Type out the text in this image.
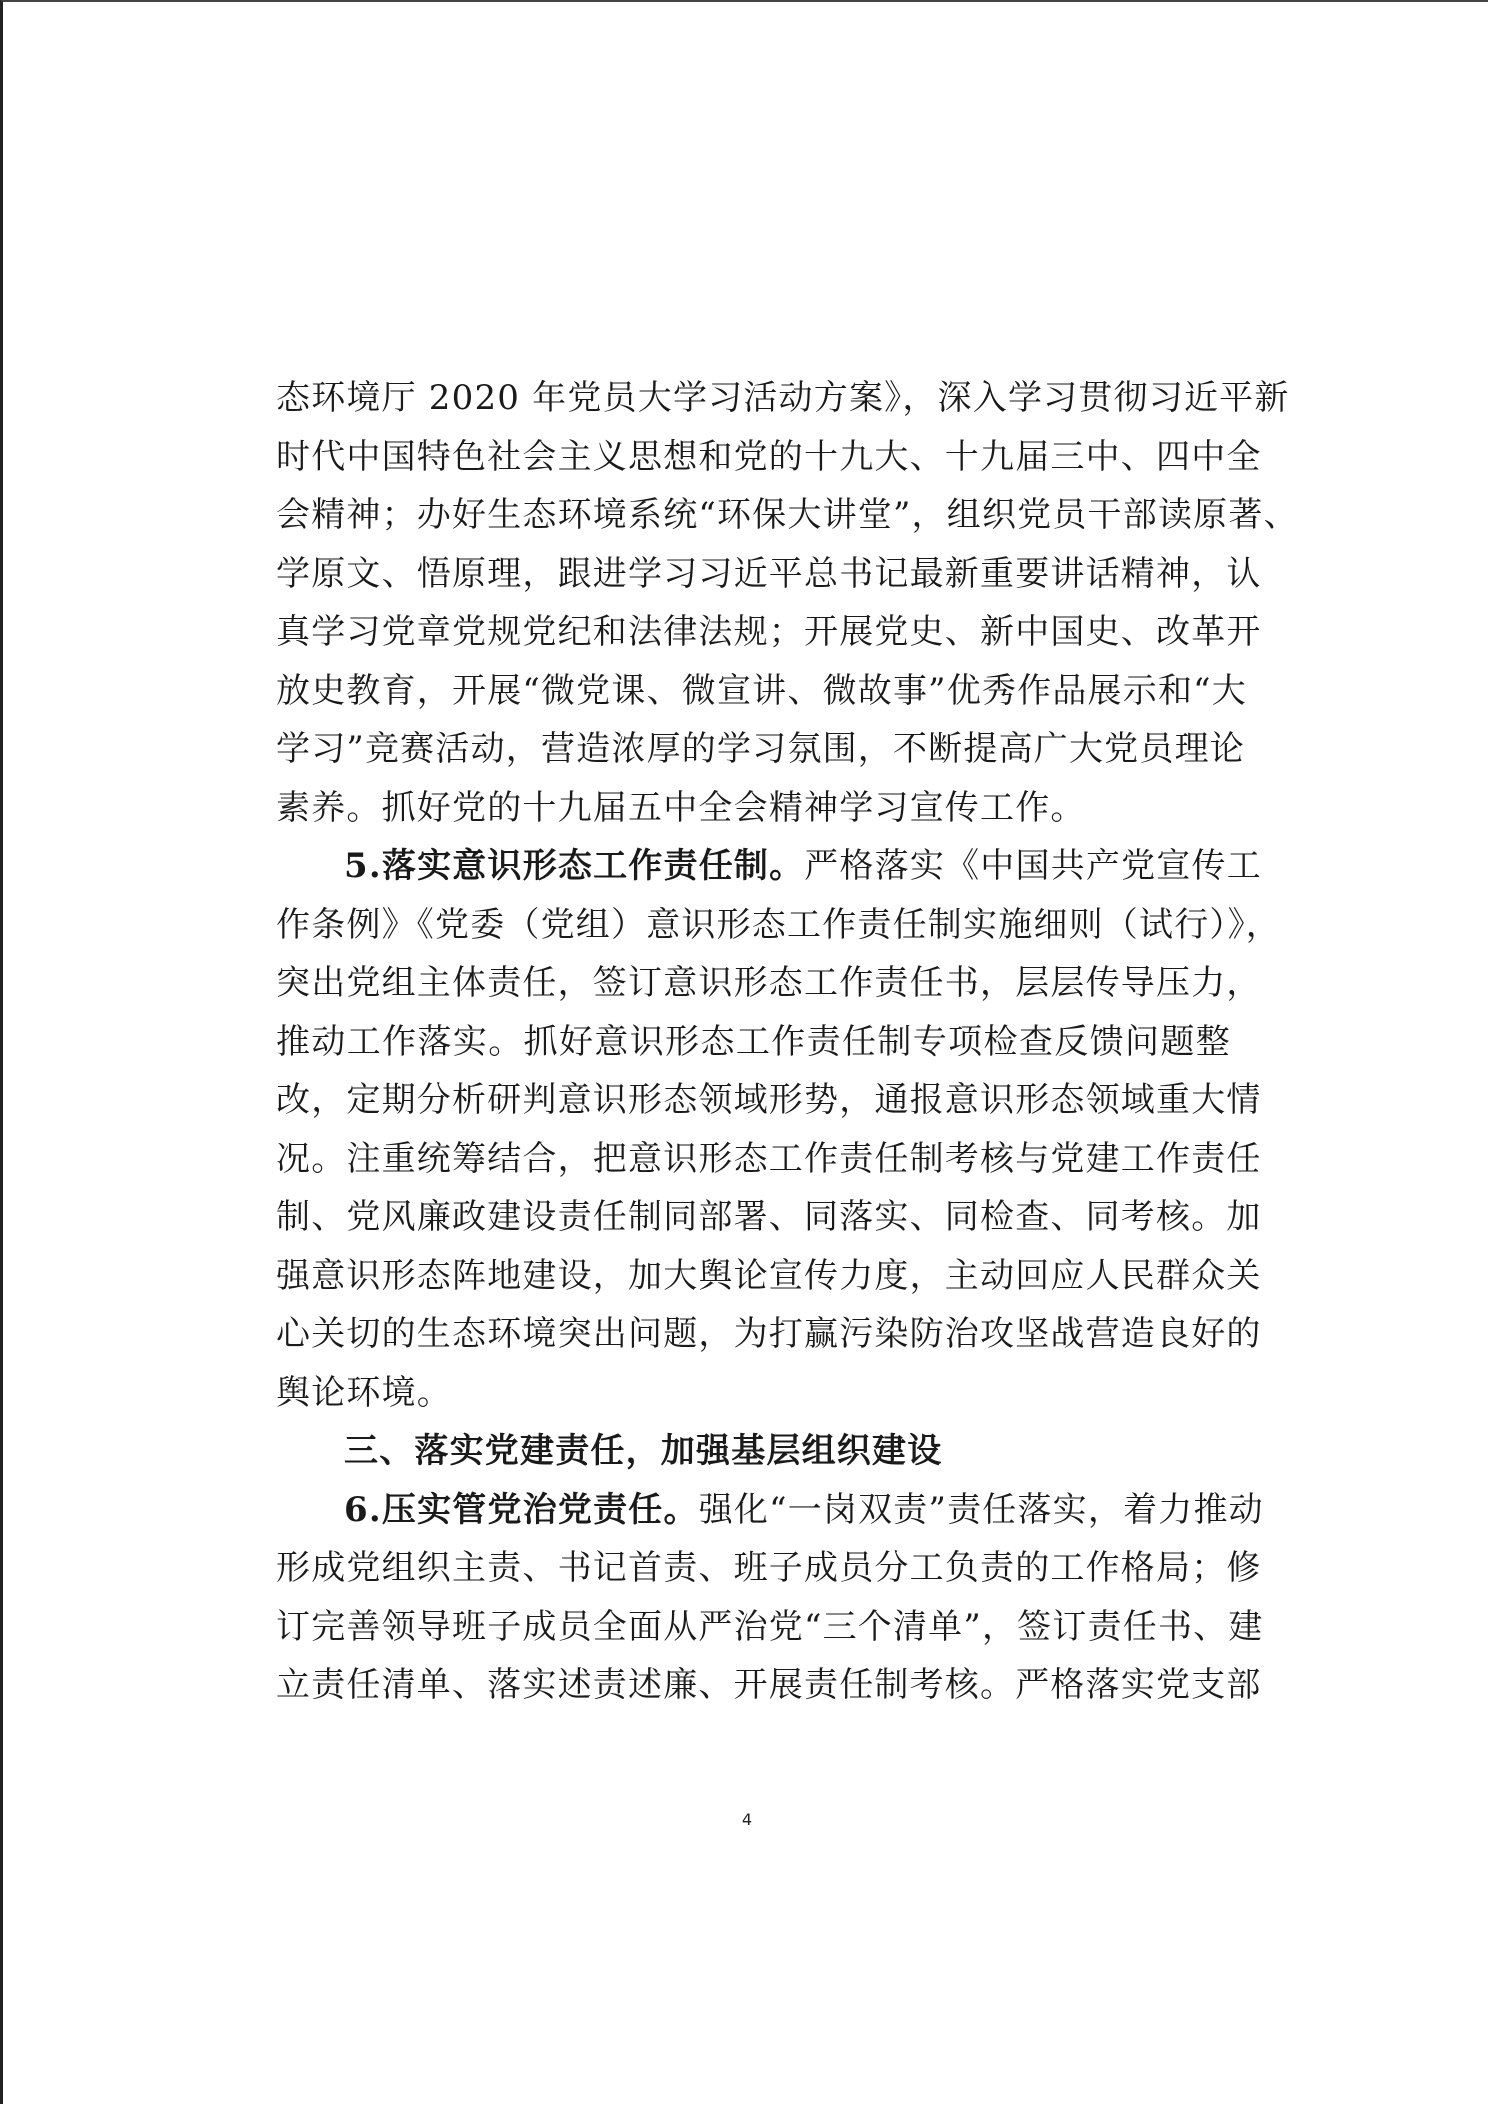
态环境厅 2020 年党员大学习活动方案》，深入学习贯彻习近平新
时代中国特色社会主义思想和党的十九大、十九届三中、四中全
会精神；办好生态环境系统“环保大讲堂”，组织党员干部读原著、
学原文、悟原理，跟进学习习近平总书记最新重要讲话精神，认
真学习党章党规党纪和法律法规；开展党史、新中国史、改革开
放史教育，开展“微党课、微宣讲、微故事”优秀作品展示和“大
学习”竞赛活动，营造浓厚的学习氛围，不断提高广大党员理论
素养。抓好党的十九届五中全会精神学习宣传工作。
5.落实意识形态工作责任制。严格落实《中国共产党宣传工
作条例》《党委（党组）意识形态工作责任制实施细则（试行）》，
突出党组主体责任，签订意识形态工作责任书，层层传导压力，
推动工作落实。抓好意识形态工作责任制专项检查反馈问题整
改，定期分析研判意识形态领域形势，通报意识形态领域重大情
况。注重统筹结合，把意识形态工作责任制考核与党建工作责任
制、党风廉政建设责任制同部署、同落实、同检查、同考核。加
强意识形态阵地建设，加大舆论宣传力度，主动回应人民群众关
心关切的生态环境突出问题，为打赢污染防治攻坚战营造良好的
舆论环境。
三、落实党建责任，加强基层组织建设
6.压实管党治党责任。强化“一岗双责”责任落实，着力推动
形成党组织主责、书记首责、班子成员分工负责的工作格局；修
订完善领导班子成员全面从严治党“三个清单”，签订责任书、建
立责任清单、落实述责述廉、开展责任制考核。严格落实党支部
4
